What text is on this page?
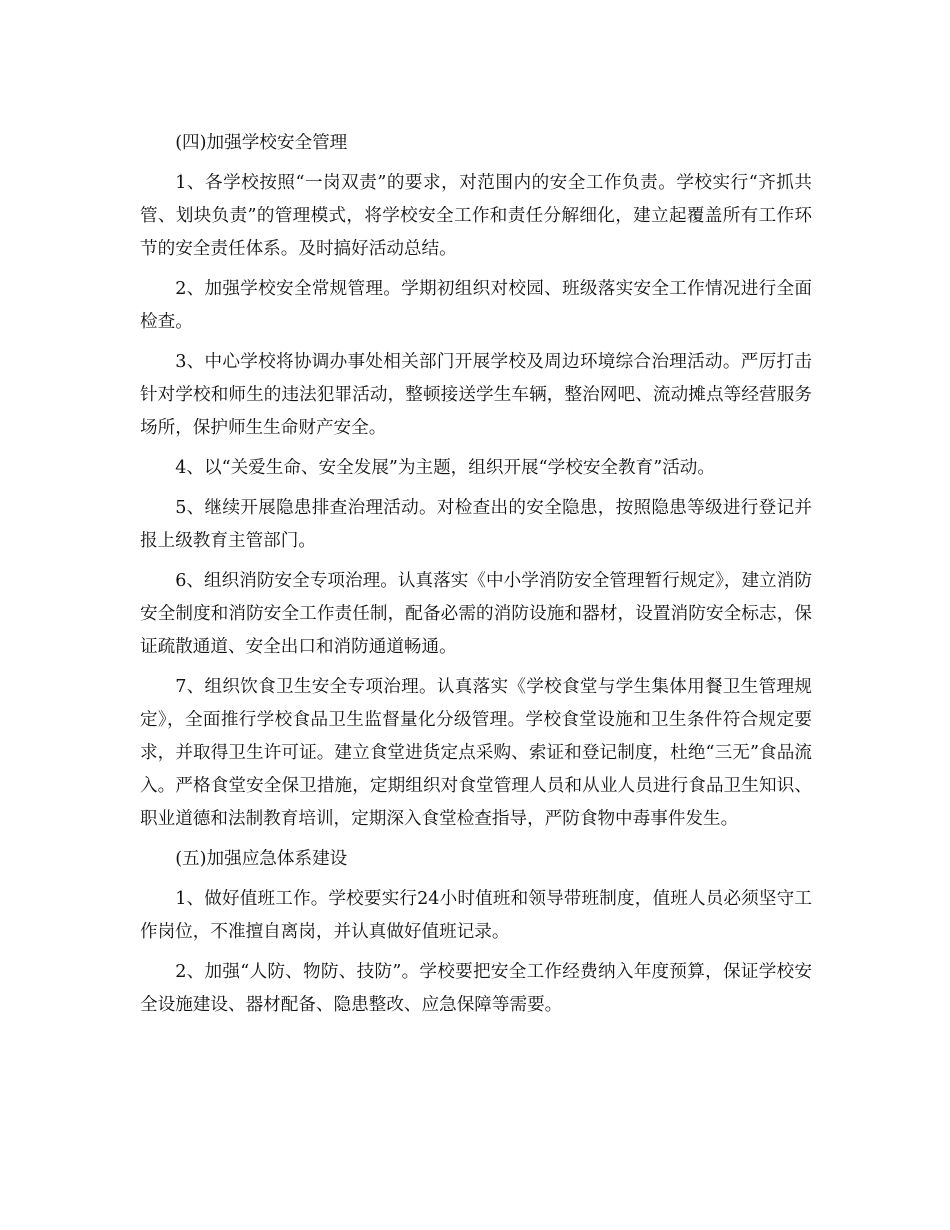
(四)加强学校安全管理

1、各学校按照“一岗双责”的要求，对范围内的安全工作负责。学校实行“齐抓共管、划块负责”的管理模式，将学校安全工作和责任分解细化，建立起覆盖所有工作环节的安全责任体系。及时搞好活动总结。

2、加强学校安全常规管理。学期初组织对校园、班级落实安全工作情况进行全面检查。

3、中心学校将协调办事处相关部门开展学校及周边环境综合治理活动。严厉打击针对学校和师生的违法犯罪活动，整顿接送学生车辆，整治网吧、流动摊点等经营服务场所，保护师生生命财产安全。

4、以“关爱生命、安全发展”为主题，组织开展“学校安全教育”活动。

5、继续开展隐患排查治理活动。对检查出的安全隐患，按照隐患等级进行登记并报上级教育主管部门。

6、组织消防安全专项治理。认真落实《中小学消防安全管理暂行规定》，建立消防安全制度和消防安全工作责任制，配备必需的消防设施和器材，设置消防安全标志，保证疏散通道、安全出口和消防通道畅通。

7、组织饮食卫生安全专项治理。认真落实《学校食堂与学生集体用餐卫生管理规定》，全面推行学校食品卫生监督量化分级管理。学校食堂设施和卫生条件符合规定要求，并取得卫生许可证。建立食堂进货定点采购、索证和登记制度，杜绝“三无”食品流入。严格食堂安全保卫措施，定期组织对食堂管理人员和从业人员进行食品卫生知识、职业道德和法制教育培训，定期深入食堂检查指导，严防食物中毒事件发生。

(五)加强应急体系建设

1、做好值班工作。学校要实行24小时值班和领导带班制度，值班人员必须坚守工作岗位，不准擅自离岗，并认真做好值班记录。

2、加强“人防、物防、技防”。学校要把安全工作经费纳入年度预算，保证学校安全设施建设、器材配备、隐患整改、应急保障等需要。
